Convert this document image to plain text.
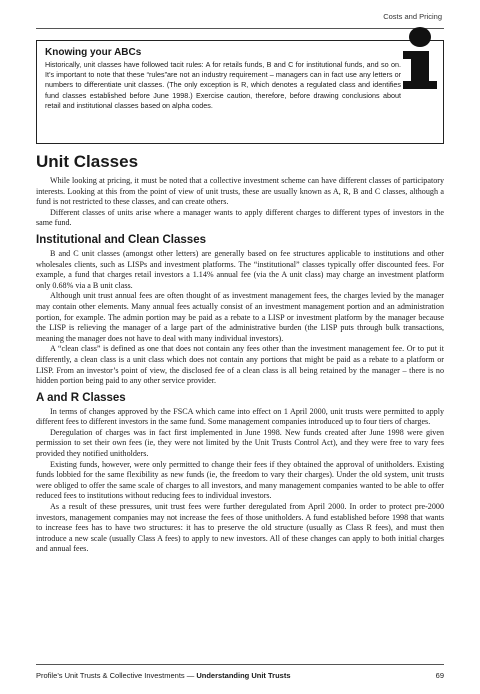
Costs and Pricing

Knowing your ABCs

Historically, unit classes have followed tacit rules: A for retails funds, B and C for institutional funds, and so on. It’s important to note that these “rules”are not an industry requirement – managers can in fact use any letters or numbers to differentiate unit classes. (The only exception is R, which denotes a regulated class and identifies fund classes established before June 1998.) Exercise caution, therefore, before drawing conclusions about retail and institutional classes based on alpha codes.

Unit Classes

While looking at pricing, it must be noted that a collective investment scheme can have different classes of participatory interests. Looking at this from the point of view of unit trusts, these are usually known as A, R, B and C classes, although a fund is not restricted to these classes, and can create others.

Different classes of units arise where a manager wants to apply different charges to different types of investors in the same fund.

Institutional and Clean Classes

B and C unit classes (amongst other letters) are generally based on fee structures applicable to institutions and other wholesales clients, such as LISPs and investment platforms. The “institutional” classes typically offer discounted fees. For example, a fund that charges retail investors a 1.14% annual fee (via the A unit class) may charge an investment platform only 0.68% via a B unit class.

Although unit trust annual fees are often thought of as investment management fees, the charges levied by the manager may contain other elements. Many annual fees actually consist of an investment management portion and an administration portion, for example. The admin portion may be paid as a rebate to a LISP or investment platform by the manager because the LISP is relieving the manager of a large part of the administrative burden (the LISP puts through bulk transactions, meaning the manager does not have to deal with many individual investors).

A “clean class” is defined as one that does not contain any fees other than the investment management fee. Or to put it differently, a clean class is a unit class which does not contain any portions that might be paid as a rebate to a platform or LISP. From an investor’s point of view, the disclosed fee of a clean class is all being retained by the manager – there is no hidden portion being paid to any other service provider.

A and R Classes

In terms of changes approved by the FSCA which came into effect on 1 April 2000, unit trusts were permitted to apply different fees to different investors in the same fund. Some management companies introduced up to four tiers of charges.

Deregulation of charges was in fact first implemented in June 1998. New funds created after June 1998 were given permission to set their own fees (ie, they were not limited by the Unit Trusts Control Act), and they were free to vary fees provided they notified unitholders.

Existing funds, however, were only permitted to change their fees if they obtained the approval of unitholders. Existing funds lobbied for the same flexibility as new funds (ie, the freedom to vary their charges). Under the old system, unit trusts were obliged to offer the same scale of charges to all investors, and many management companies wanted to be able to offer reduced fees to institutions without reducing fees to individual investors.

As a result of these pressures, unit trust fees were further deregulated from April 2000. In order to protect pre-2000 investors, management companies may not increase the fees of those unitholders. A fund established before 1998 that wants to increase fees has to have two structures: it has to preserve the old structure (usually as Class R fees), and must then introduce a new scale (usually Class A fees) to apply to new investors. All of these changes can apply to both initial charges and annual fees.

Profile’s Unit Trusts & Collective Investments — Understanding Unit Trusts	69
